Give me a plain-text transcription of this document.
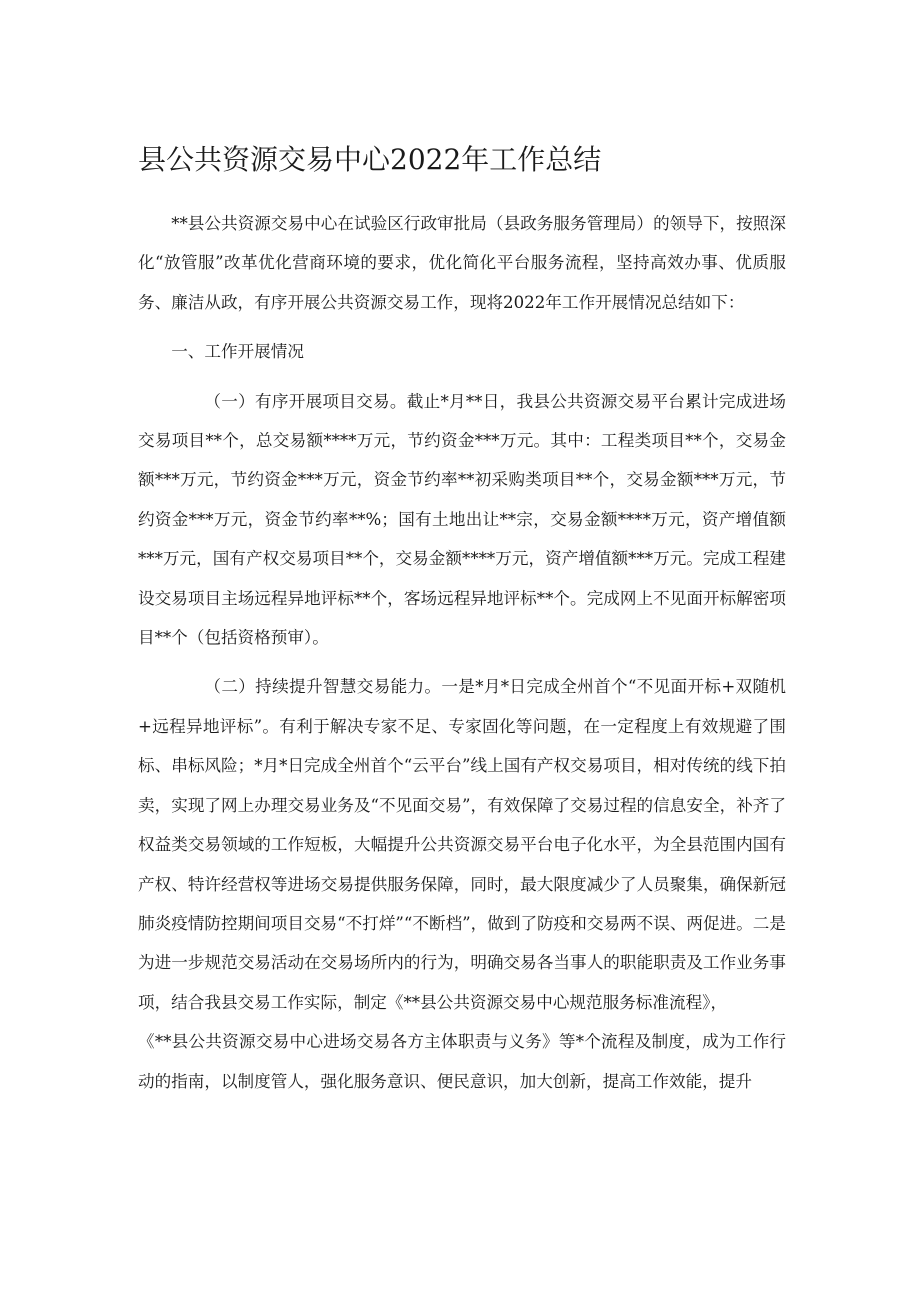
县公共资源交易中心2022年工作总结

**县公共资源交易中心在试验区行政审批局（县政务服务管理局）的领导下，按照深化“放管服”改革优化营商环境的要求，优化简化平台服务流程，坚持高效办事、优质服务、廉洁从政，有序开展公共资源交易工作，现将2022年工作开展情况总结如下：

一、工作开展情况

（一）有序开展项目交易。截止*月**日，我县公共资源交易平台累计完成进场交易项目**个，总交易额****万元，节约资金***万元。其中：工程类项目**个，交易金额***万元，节约资金***万元，资金节约率**初采购类项目**个，交易金额***万元，节约资金***万元，资金节约率**%；国有土地出让**宗，交易金额****万元，资产增值额***万元，国有产权交易项目**个，交易金额****万元，资产增值额***万元。完成工程建设交易项目主场远程异地评标**个，客场远程异地评标**个。完成网上不见面开标解密项目**个（包括资格预审）。

（二）持续提升智慧交易能力。一是*月*日完成全州首个“不见面开标+双随机+远程异地评标”。有利于解决专家不足、专家固化等问题，在一定程度上有效规避了围标、串标风险；*月*日完成全州首个“云平台”线上国有产权交易项目，相对传统的线下拍卖，实现了网上办理交易业务及“不见面交易”，有效保障了交易过程的信息安全，补齐了权益类交易领域的工作短板，大幅提升公共资源交易平台电子化水平，为全县范围内国有产权、特许经营权等进场交易提供服务保障，同时，最大限度减少了人员聚集，确保新冠肺炎疫情防控期间项目交易“不打烊”“不断档”，做到了防疫和交易两不误、两促进。二是为进一步规范交易活动在交易场所内的行为，明确交易各当事人的职能职责及工作业务事项，结合我县交易工作实际，制定《**县公共资源交易中心规范服务标准流程》，

《**县公共资源交易中心进场交易各方主体职责与义务》等*个流程及制度，成为工作行动的指南，以制度管人，强化服务意识、便民意识，加大创新，提高工作效能，提升
